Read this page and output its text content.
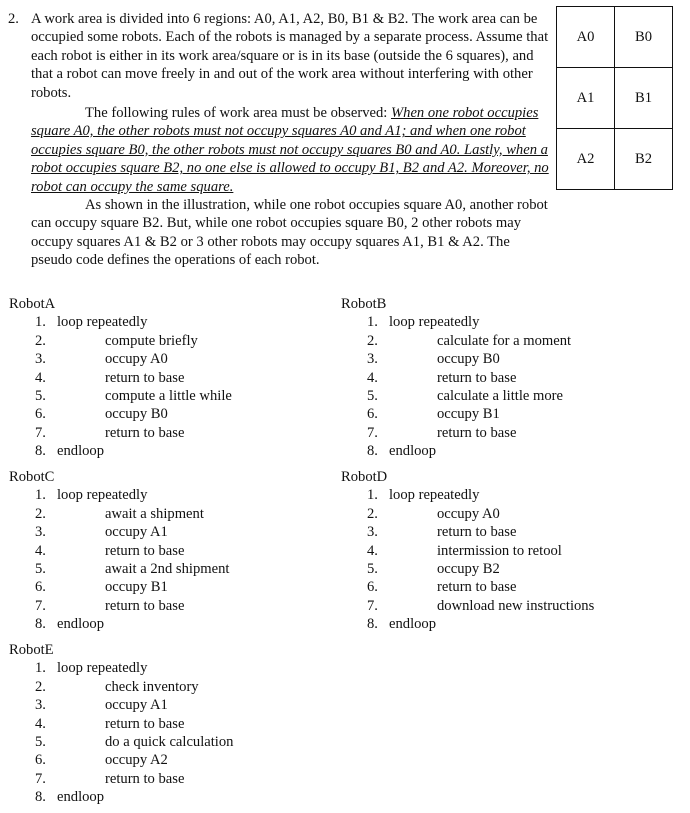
2. A work area is divided into 6 regions: A0, A1, A2, B0, B1 & B2. The work area can be occupied some robots. Each of the robots is managed by a separate process. Assume that each robot is either in its work area/square or is in its base (outside the 6 squares), and that a robot can move freely in and out of the work area without interfering with other robots.
The following rules of work area must be observed: When one robot occupies square A0, the other robots must not occupy squares A0 and A1; and when one robot occupies square B0, the other robots must not occupy squares B0 and A0. Lastly, when a robot occupies square B2, no one else is allowed to occupy B1, B2 and A2. Moreover, no robot can occupy the same square.
As shown in the illustration, while one robot occupies square A0, another robot can occupy square B2. But, while one robot occupies square B0, 2 other robots may occupy squares A1 & B2 or 3 other robots may occupy squares A1, B1 & A2. The pseudo code defines the operations of each robot.
A0	B0
A1	B1
A2	B2
RobotA
1. loop repeatedly
2.	compute briefly
3.	occupy A0
4.	return to base
5.	compute a little while
6.	occupy B0
7.	return to base
8. endloop
RobotB
1. loop repeatedly
2.	calculate for a moment
3.	occupy B0
4.	return to base
5.	calculate a little more
6.	occupy B1
7.	return to base
8. endloop
RobotC
1. loop repeatedly
2.	await a shipment
3.	occupy A1
4.	return to base
5.	await a 2nd shipment
6.	occupy B1
7.	return to base
8. endloop
RobotD
1. loop repeatedly
2.	occupy A0
3.	return to base
4.	intermission to retool
5.	occupy B2
6.	return to base
7.	download new instructions
8. endloop
RobotE
1. loop repeatedly
2.	check inventory
3.	occupy A1
4.	return to base
5.	do a quick calculation
6.	occupy A2
7.	return to base
8. endloop
